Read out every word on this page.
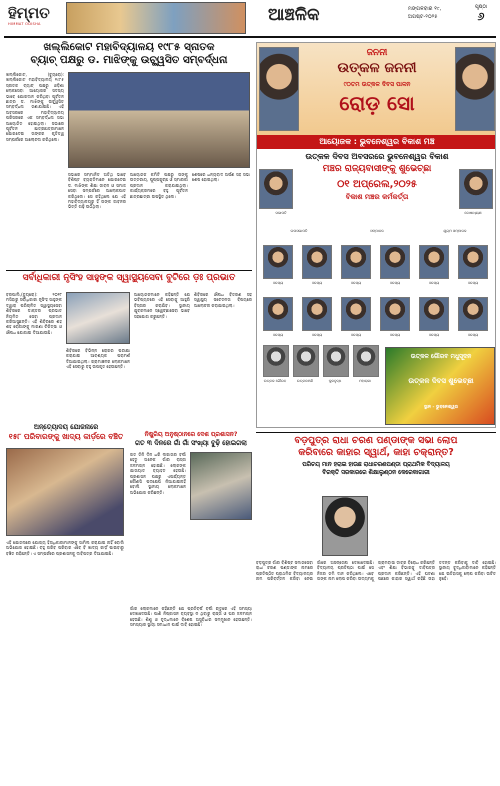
ହିମ୍ମତ
HIMMAT ODISHA	ଆଞ୍ଚଳିକ	ମଙ୍ଗଳବାର ୧୯,
ଅଗଷ୍ଟ-୨୦୨୫
ପୃଷ୍ଠା
୬
ଖଲ୍ଲିକୋଟ ମହାବିଦ୍ୟାଳୟ ୧୯୮୫ ସ୍ନାତକ
ବ୍ୟାଚ୍ ପକ୍ଷରୁ ଡ. ମାଝିଙ୍କୁ ଉଚ୍ଛ୍ୱସିତ ସମ୍ବର୍ଦ୍ଧନା
ଖଲ୍ଲିକୋଟ, (ବ୍ୟୁରୋ): ଖଲ୍ଲିକୋଟ ମହାବିଦ୍ୟାଳୟ ୧୯୮୫ ସ୍ନାତକ ବ୍ୟାଚ୍ ପକ୍ଷରୁ ଓଡ଼ିଶା ଲୋକସେବା ଆୟୋଗର ସଦସ୍ୟ ଭାବେ ଯୋଗଦାନ କରିଥିବା ପୂର୍ବତନ ଛାତ୍ର ଡ. ମାଝିଙ୍କୁ ଉଚ୍ଛ୍ୱସିତ ସମ୍ବର୍ଦ୍ଧନା ଜଣାଯାଇଛି। ଏହି ଅବସରରେ ମହାବିଦ୍ୟାଳୟ ପରିସରରେ ଏକ ସମ୍ବର୍ଦ୍ଧନା ସଭା ଆୟୋଜିତ ହୋଇଥିଲା। ସଭାରେ ପୂର୍ବତନ ଛାତ୍ରଛାତ୍ରୀମାନେ ଯୋଗଦେଇ ତାଙ୍କର କୃତିତ୍ୱ ସମ୍ପର୍କରେ ଆଲୋଚନା କରିଥିଲେ।
ସଭାରେ ସମ୍ମାନିତ ଅତିଥି ଭାବେ ବିଶିଷ୍ଟ ବ୍ୟକ୍ତିମାନେ ଯୋଗଦେଇ ଡ. ମାଝିଙ୍କ ଶିକ୍ଷା ଜୀବନ ଓ ସମାଜ ସେବା ସମ୍ପର୍କରେ ଆଲୋକପାତ କରିଥିଲେ। ସେ କହିଥିଲେ ଯେ ଏହି ମହାବିଦ୍ୟାଳୟରୁ ହିଁ ତାଙ୍କ ଜୀବନର ଭିତ୍ତି ଗଢ଼ି ଉଠିଥିଲା।
ଆୟୋଜକ କମିଟି ପକ୍ଷରୁ ତାଙ୍କୁ ଉତ୍ତରୀୟ, ପୁଷ୍ପଗୁଚ୍ଛ ଓ ସ୍ମାରକୀ ପ୍ରଦାନ କରାଯାଇଥିଲା। କାର୍ଯ୍ୟକ୍ରମରେ ବହୁ ପୂର୍ବତନ ଛାତ୍ରଛାତ୍ରୀ ଉପସ୍ଥିତ ଥିଲେ।
ଶେଷରେ ଧନ୍ୟବାଦ ଅର୍ପଣ ସହ ସଭା ଶେଷ ହୋଇଥିଲା।
ଜନନୀ
ଉତ୍କଳ ଜନନୀ
୯୦ତମ ଉତ୍କଳ ଦିବସ ପାଳନ
ରୋଡ଼ ସୋ
ଆୟୋଜକ : ଭୁବନେଶ୍ୱର ବିକାଶ ମଞ୍ଚ
ଉତ୍କଳ ଦିବସ ଅବସରରେ ଭୁବନେଶ୍ୱର ବିକାଶ
ମଞ୍ଚର ରାଜ୍ୟବାସୀଙ୍କୁ ଶୁଭେଚ୍ଛା
୦୧ ଅପ୍ରେଲ,୨୦୨୫
ବିକାଶ ମଞ୍ଚର କର୍ମକର୍ତ୍ତା
ସଭାପତି	କୋଷାଧ୍ୟକ୍ଷ
ଉପସଭାପତି	ସମ୍ପାଦକ	ଯୁଗ୍ମ ସମ୍ପାଦକ
ସଦସ୍ୟ	ସଦସ୍ୟ	ସଦସ୍ୟ	ସଦସ୍ୟ	ସଦସ୍ୟ	ସଦସ୍ୟ
ସଦସ୍ୟ	ସଦସ୍ୟ	ସଦସ୍ୟ	ସଦସ୍ୟ	ସଦସ୍ୟ	ସଦସ୍ୟ
ଉତ୍କଳ ଗୌରବ	ଉତ୍କଳମଣି	କୁଳବୃଦ୍ଧ	ମହାରାଜା
ଉତ୍କଳ ଗୌରବ ମଧୁସୂଦନ
ଉତ୍କଳ ଦିବସ ଶୁଭେଚ୍ଛା
ସ୍ଥାନ - ଭୁବନେଶ୍ୱର
ସର୍ବାଧିକାରୀ ନୃସିଂହ ସାହୁଙ୍କ ସ୍ୱାସ୍ଥ୍ୟସେବା ବୁଟିରେ ଡ଼ଃ ପ୍ରଭାତ
ବରପାଲି,(ବ୍ୟୁରୋ): ୨୦୧୮ ମସିହାରୁ ସର୍ବାଧିକାରୀ ନୃସିଂହ ସାହୁଙ୍କ ଦ୍ୱାରା ପରିଚାଳିତ ସ୍ୱାସ୍ଥ୍ୟସେବା ଶିବିରରେ ଡାକ୍ତର ପ୍ରଭାତ ନିୟମିତ ସେବା ପ୍ରଦାନ କରିଆସୁଛନ୍ତି। ଏହି ଶିବିରରେ ଶହ ଶହ ରୋଗୀଙ୍କୁ ମାଗଣା ଚିକିତ୍ସା ଓ ଔଷଧ ଯୋଗାଇ ଦିଆଯାଉଛି।
ଶିବିରରେ ବିଭିନ୍ନ ରୋଗର ପରୀକ୍ଷା କରାଯାଇ ଆବଶ୍ୟକ ପରାମର୍ଶ ଦିଆଯାଇଥିଲା। ଗ୍ରାମାଞ୍ଚଳର ଲୋକମାନେ ଏହି ସେବାରୁ ବହୁ ଉପକୃତ ହେଉଛନ୍ତି।
ଆୟୋଜକମାନେ କହିଛନ୍ତି ଯେ ଭବିଷ୍ୟତରେ ଏହି ସେବାକୁ ଆହୁରି ବିସ୍ତାର କରାଯିବ। ସ୍ଥାନୀୟ ଯୁବକମାନେ ସ୍ୱେଚ୍ଛାସେବୀ ଭାବେ ସହଯୋଗ କରୁଛନ୍ତି।
ଶିବିରରେ ଔଷଧ ବିତରଣ ସହ ସ୍ୱାସ୍ଥ୍ୟ ସଚେତନତା ବିଷୟରେ ଆଲୋଚନା କରାଯାଇଥିଲା।
ଅନ୍ତ୍ୟୋଦୟ ଯୋଜନାରେ
୧୫୮ ପରିବାରଙ୍କୁ ଖାଦ୍ୟ କାର୍ଡ଼ରେ ବଞ୍ଚିତ
ଏହି ଯୋଜନାରେ ଯୋଗ୍ୟ ହିତାଧିକାରୀମାନଙ୍କୁ ସାମିଲ କରାଯାଇ ନାହିଁ ବୋଲି ଅଭିଯୋଗ ହୋଇଛି। ବହୁ ଗରିବ ପରିବାର ଏବେ ବି ଖାଦ୍ୟ କାର୍ଡ଼ ପାଇବାରୁ ବଞ୍ଚିତ ରହିଛନ୍ତି। ଏ ସମ୍ପର୍କରେ ପ୍ରଶାସନକୁ ଦାବିପତ୍ର ଦିଆଯାଇଛି।
ନିଷ୍କ୍ରିୟ ଅନୁଷ୍ଠାନରେ ଦେଶ ପ୍ରଶାସନ?
ଗତ ୩ ଦିନରେ ଗାଁ ଗାଁ ସଂଖ୍ୟା ବୁଢ଼ି ହୋଇଗଲା
ଗତ ତିନି ଦିନ ଧରି ଲଗାତାର ବର୍ଷା ହେତୁ ଅନେକ ଗାଁର ରାସ୍ତା ଜଳମଗ୍ନ ହୋଇଛି। ଲୋକଙ୍କ ଯାତାୟାତ ବ୍ୟାହତ ହେଉଛି। ପ୍ରଶାସନ ପକ୍ଷରୁ ଏପର୍ଯ୍ୟନ୍ତ କୌଣସି ପଦକ୍ଷେପ ନିଆଯାଇନାହିଁ ବୋଲି ସ୍ଥାନୀୟ ଲୋକମାନେ ଅଭିଯୋଗ କରିଛନ୍ତି।
ଗାଁର ଲୋକମାନେ କହିଛନ୍ତି ଯେ ପ୍ରତିବର୍ଷ ବର୍ଷା ଋତୁରେ ଏହି ସମସ୍ୟା ଦେଖାଦେଉଛି। ପାଣି ନିଷ୍କାସନ ବ୍ୟବସ୍ଥା ନ ଥିବାରୁ ରାସ୍ତା ଓ ଘର ଜଳମଗ୍ନ ହେଉଛି। ଶିଶୁ ଓ ବୃଦ୍ଧମାନେ ବିଶେଷ ଅସୁବିଧାର ସମ୍ମୁଖୀନ ହେଉଛନ୍ତି। ସମସ୍ୟାର ସ୍ଥାୟୀ ସମାଧାନ ପାଇଁ ଦାବି ହୋଇଛି।
ବଡ଼ପୁତ୍ର ରାଧା ଚରଣ ପଣ୍ଡାଙ୍କ ସଭା ଲୋପ
କରିବାରେ କାହାର ସ୍ୱାର୍ଥ, କାହା ଚକ୍ରାନ୍ତ?
ପରିଚୟ ମାନ ହରାଇ ହାଉଛ ରାଧାଚରଣପଣ୍ଡା ପ୍ରାଥମିକ ବିଦ୍ୟାଳୟ
ବିରକ୍ତି ସରକାରରେ ଶିକ୍ଷାଲୁଣ୍ଠନ କେରେକାଗାରୀ
ବଡ଼ପୁତ୍ର ଗାଁର ବିଶିଷ୍ଟ ସମାଜସେବୀ ରାଧା ଚରଣ ପଣ୍ଡାଙ୍କ ନାମରେ ପ୍ରତିଷ୍ଠିତ ପ୍ରାଥମିକ ବିଦ୍ୟାଳୟର ନାମ ପରିବର୍ତ୍ତନ କରିବା ନେଇ ଗାଁରେ ଅସନ୍ତୋଷ ଦେଖାଦେଇଛି। ବିଦ୍ୟାଳୟ ପ୍ରତିଷ୍ଠା ପାଇଁ ସେ ନିଜର ଜମି ଦାନ କରିଥିଲେ। ଏବେ ତାଙ୍କ ନାମ ଲୋପ କରିବା ଉଦ୍ୟମକୁ ଗ୍ରାମବାସୀ ତୀବ୍ର ବିରୋଧ କରିଛନ୍ତି ଏବଂ ଶିକ୍ଷା ବିଭାଗକୁ ଦାବିପତ୍ର ପ୍ରଦାନ କରିଛନ୍ତି। ଏହି ଘଟଣା ପଛରେ କାହାର ସ୍ୱାର୍ଥ ରହିଛି ତାହା ତଦନ୍ତ କରିବାକୁ ଦାବି ହୋଇଛି। ସ୍ଥାନୀୟ ବୁଦ୍ଧିଜୀବୀମାନେ କହିଛନ୍ତି ଯେ ଇତିହାସକୁ ଲୋପ କରିବା ଉଚିତ ନୁହେଁ।
